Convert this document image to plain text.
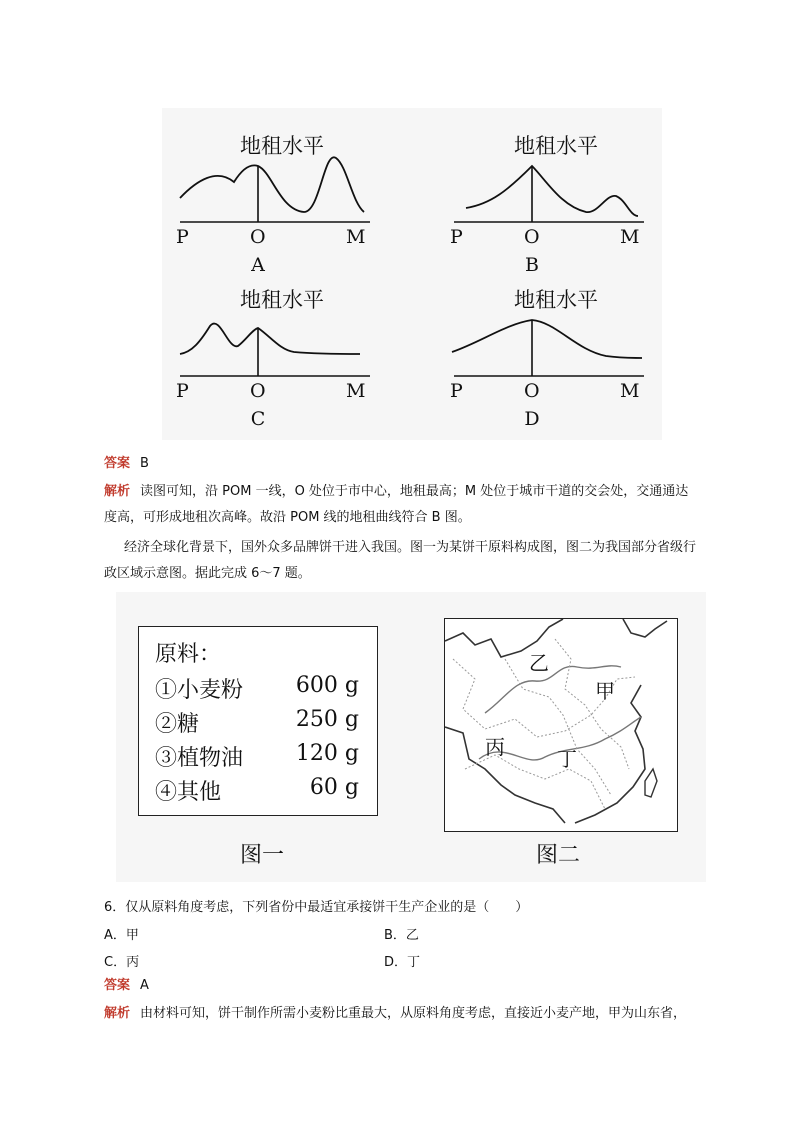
地租水平
P	O	M
A
地租水平
P	O	M
B
地租水平
P	O	M
C
地租水平
P	O	M
D
答案 B
解析 读图可知，沿 POM 一线，O 处位于市中心，地租最高；M 处位于城市干道的交会处，交通通达
度高，可形成地租次高峰。故沿 POM 线的地租曲线符合 B 图。
经济全球化背景下，国外众多品牌饼干进入我国。图一为某饼干原料构成图，图二为我国部分省级行
政区域示意图。据此完成 6～7 题。
原料：
①小麦粉 600 g
②糖	250 g
③植物油 120 g
④其他	60 g
图一
乙
甲
丙	丁
图二
6．仅从原料角度考虑，下列省份中最适宜承接饼干生产企业的是（　　）
A．甲	B．乙
C．丙	D．丁
答案 A
解析 由材料可知，饼干制作所需小麦粉比重最大，从原料角度考虑，直接近小麦产地，甲为山东省，
